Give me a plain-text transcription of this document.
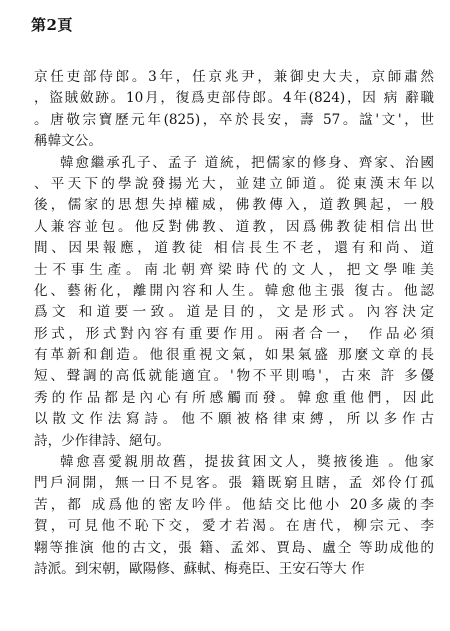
第2頁
京任吏部侍郎。3年，任京兆尹，兼御史大夫，京師肅然
，盜賊斂跡。10月，復爲吏部侍郎。4年(824)，因 病 辭職
。唐敬宗寶歷元年(825)，卒於長安，壽 57。諡'文'，世
稱韓文公。
韓愈繼承孔子、孟子 道統，把儒家的修身、齊家、治國
、平天下的學說發揚光大，並建立師道。從東漢末年以
後，儒家的思想失掉權威，佛教傳入，道教興起，一般
人兼容並包。他反對佛教、道教，因爲佛教徒相信出世
間、因果報應，道教徒 相信長生不老，還有和尚、道
士不事生產。南北朝齊梁時代的文人，把文學唯美
化、藝術化，離開內容和人生。韓愈他主張 復古。他認
爲文 和道要一致。道是目的，文是形式。內容決定
形式，形式對內容有重要作用。兩者合一， 作品必須
有革新和創造。他很重視文氣，如果氣盛 那麼文章的長
短、聲調的高低就能適宜。'物不平則鳴'，古來 許 多優
秀的作品都是內心有所感觸而發。韓愈重他們，因此
以散文作法寫詩。他不願被格律束縛，所以多作古
詩，少作律詩、絕句。
韓愈喜愛親朋故舊，提拔貧困文人，獎掖後進 。他家
門戶洞開，無一日不見客。張 籍既窮且瞎，孟 郊伶仃孤
苦，都 成爲他的密友吟伴。他結交比他小 20多歲的李
賀，可見他不恥下交，愛才若渴。在唐代，柳宗元、李
翺等推演 他的古文，張 籍、孟郊、賈島、盧仝 等助成他的
詩派。到宋朝，歐陽修、蘇軾、梅堯臣、王安石等大 作
